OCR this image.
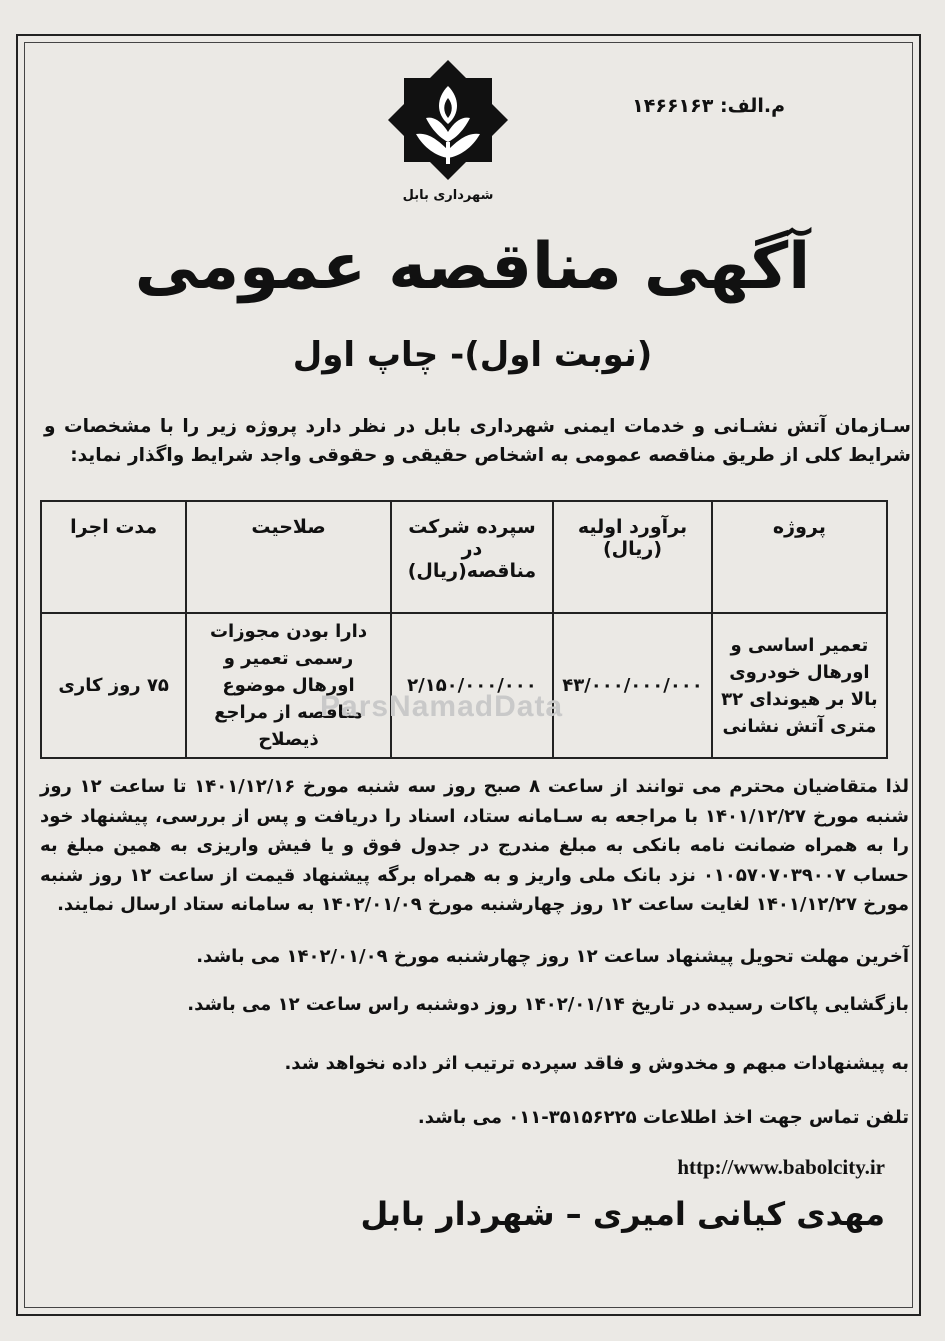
م.الف: ۱۴۶۶۱۶۳
شهرداری بابل
آگهی مناقصه عمومی
(نوبت اول)- چاپ اول
سـازمان آتش نشـانی و خدمات ایمنی شهرداری بابل در نظر دارد پروژه زیر را با مشخصات و شرایط کلی از طریق مناقصه عمومی به اشخاص حقیقی و حقوقی واجد شرایط واگذار نماید:
پروژه	برآورد اولیه (ریال)	سپرده شرکت در مناقصه(ریال)	صلاحیت	مدت اجرا
تعمیر اساسی و اورهال خودروی بالا بر هیوندای ۳۲ متری آتش نشانی	۴۳/۰۰۰/۰۰۰/۰۰۰	۲/۱۵۰/۰۰۰/۰۰۰	دارا بودن مجوزات رسمی تعمیر و اورهال موضوع مناقصه از مراجع ذیصلاح	۷۵ روز کاری
ParsNamadData
لذا متقاضیان محترم می توانند از ساعت ۸ صبح روز سه شنبه مورخ ۱۴۰۱/۱۲/۱۶ تا ساعت ۱۲ روز شنبه مورخ ۱۴۰۱/۱۲/۲۷ با مراجعه به سـامانه ستاد، اسناد را دریافت و پس از بررسی، پیشنهاد خود را به همراه ضمانت نامه بانکی به مبلغ مندرج در جدول فوق و یا فیش واریزی به همین مبلغ به حساب ۰۱۰۵۷۰۷۰۳۹۰۰۷ نزد بانک ملی واریز و به همراه برگه پیشنهاد قیمت از ساعت ۱۲ روز شنبه مورخ ۱۴۰۱/۱۲/۲۷ لغایت ساعت ۱۲ روز چهارشنبه مورخ ۱۴۰۲/۰۱/۰۹ به سامانه ستاد ارسال نمایند.
آخرین مهلت تحویل پیشنهاد ساعت ۱۲ روز چهارشنبه مورخ ۱۴۰۲/۰۱/۰۹ می باشد.
بازگشایی پاکات رسیده در تاریخ ۱۴۰۲/۰۱/۱۴ روز دوشنبه راس ساعت ۱۲ می باشد.
به پیشنهادات مبهم و مخدوش و فاقد سپرده ترتیب اثر داده نخواهد شد.
تلفن تماس جهت اخذ اطلاعات ۳۵۱۵۶۲۲۵-۰۱۱ می باشد.
http://www.babolcity.ir
مهدی کیانی امیری – شهردار بابل
